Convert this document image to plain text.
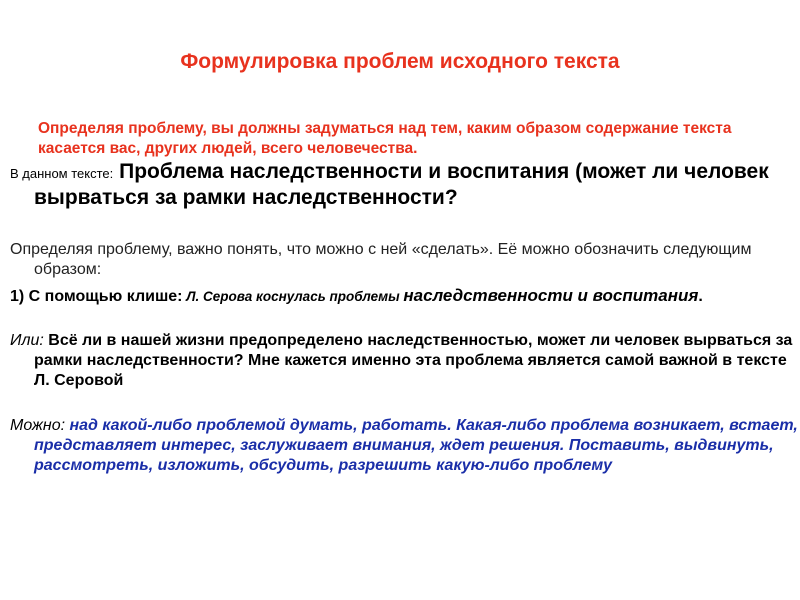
Формулировка проблем исходного текста
Определяя проблему, вы должны задуматься над тем, каким образом содержание текста касается вас, других людей, всего человечества.
В данном тексте: Проблема наследственности и воспитания (может ли человек вырваться за рамки наследственности?
Определяя проблему, важно понять, что можно с ней «сделать». Её можно обозначить следующим образом:
1) С помощью клише: Л. Серова коснулась проблемы наследственности и воспитания.
Или: Всё ли в нашей жизни предопределено наследственностью, может ли человек вырваться за рамки наследственности? Мне кажется именно эта проблема является самой важной в тексте Л. Серовой
Можно: над какой-либо проблемой думать, работать. Какая-либо проблема возникает, встает, представляет интерес, заслуживает внимания, ждет решения. Поставить, выдвинуть, рассмотреть, изложить, обсудить, разрешить какую-либо проблему
